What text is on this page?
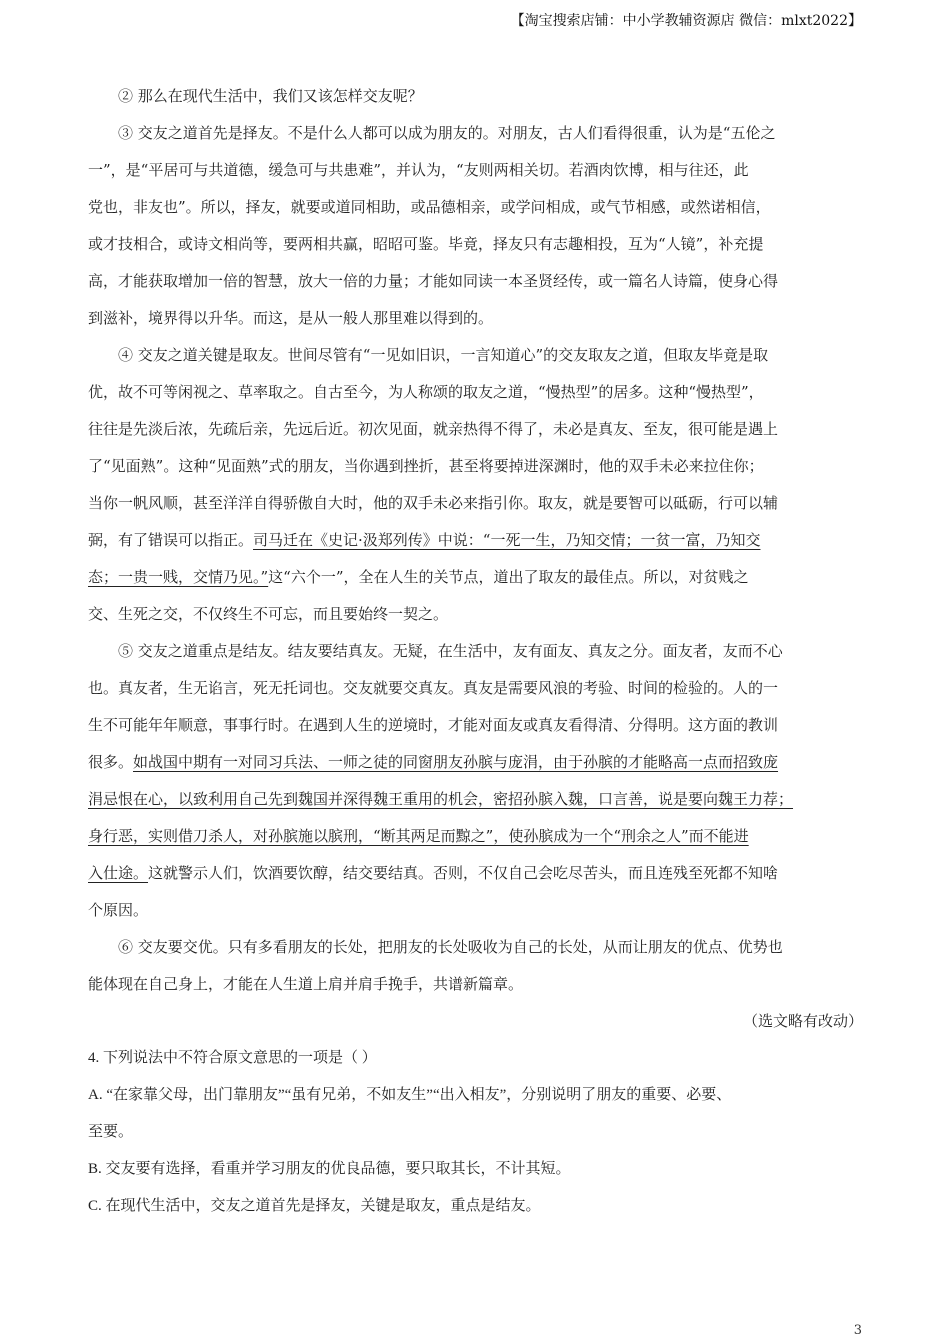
【淘宝搜索店铺：中小学教辅资源店 微信：mlxt2022】
② 那么在现代生活中，我们又该怎样交友呢？
③ 交友之道首先是择友。不是什么人都可以成为朋友的。对朋友，古人们看得很重，认为是“五伦之
一”，是“平居可与共道德，缓急可与共患难”，并认为，“友则两相关切。若酒肉饮博，相与往还，此
党也，非友也”。所以，择友，就要或道同相助，或品德相亲，或学问相成，或气节相感，或然诺相信，
或才技相合，或诗文相尚等，要两相共赢，昭昭可鉴。毕竟，择友只有志趣相投，互为“人镜”，补充提
高，才能获取增加一倍的智慧，放大一倍的力量；才能如同读一本圣贤经传，或一篇名人诗篇，使身心得
到滋补，境界得以升华。而这，是从一般人那里难以得到的。
④ 交友之道关键是取友。世间尽管有“一见如旧识，一言知道心”的交友取友之道，但取友毕竟是取
优，故不可等闲视之、草率取之。自古至今，为人称颂的取友之道，“慢热型”的居多。这种“慢热型”，
往往是先淡后浓，先疏后亲，先远后近。初次见面，就亲热得不得了，未必是真友、至友，很可能是遇上
了“见面熟”。这种“见面熟”式的朋友，当你遇到挫折，甚至将要掉进深渊时，他的双手未必来拉住你；
当你一帆风顺，甚至洋洋自得骄傲自大时，他的双手未必来指引你。取友，就是要智可以砥砺，行可以辅
弼，有了错误可以指正。司马迁在《史记·汲郑列传》中说：“一死一生，乃知交情；一贫一富，乃知交
态；一贵一贱，交情乃见。”这“六个一”，全在人生的关节点，道出了取友的最佳点。所以，对贫贱之
交、生死之交，不仅终生不可忘，而且要始终一契之。
⑤ 交友之道重点是结友。结友要结真友。无疑，在生活中，友有面友、真友之分。面友者，友而不心
也。真友者，生无谄言，死无托词也。交友就要交真友。真友是需要风浪的考验、时间的检验的。人的一
生不可能年年顺意，事事行时。在遇到人生的逆境时，才能对面友或真友看得清、分得明。这方面的教训
很多。如战国中期有一对同习兵法、一师之徒的同窗朋友孙膑与庞涓，由于孙膑的才能略高一点而招致庞
涓忌恨在心，以致利用自己先到魏国并深得魏王重用的机会，密招孙膑入魏，口言善，说是要向魏王力荐；
身行恶，实则借刀杀人，对孙膑施以膑刑，“断其两足而黥之”，使孙膑成为一个“刑余之人”而不能进
入仕途。这就警示人们，饮酒要饮醇，结交要结真。否则，不仅自己会吃尽苦头，而且连残至死都不知啥
个原因。
⑥ 交友要交优。只有多看朋友的长处，把朋友的长处吸收为自己的长处，从而让朋友的优点、优势也
能体现在自己身上，才能在人生道上肩并肩手挽手，共谱新篇章。
（选文略有改动）
4. 下列说法中不符合原文意思的一项是（ ）
A. “在家靠父母，出门靠朋友”“虽有兄弟，不如友生”“出入相友”，分别说明了朋友的重要、必要、
至要。
B. 交友要有选择，看重并学习朋友的优良品德，要只取其长，不计其短。
C. 在现代生活中，交友之道首先是择友，关键是取友，重点是结友。
3
